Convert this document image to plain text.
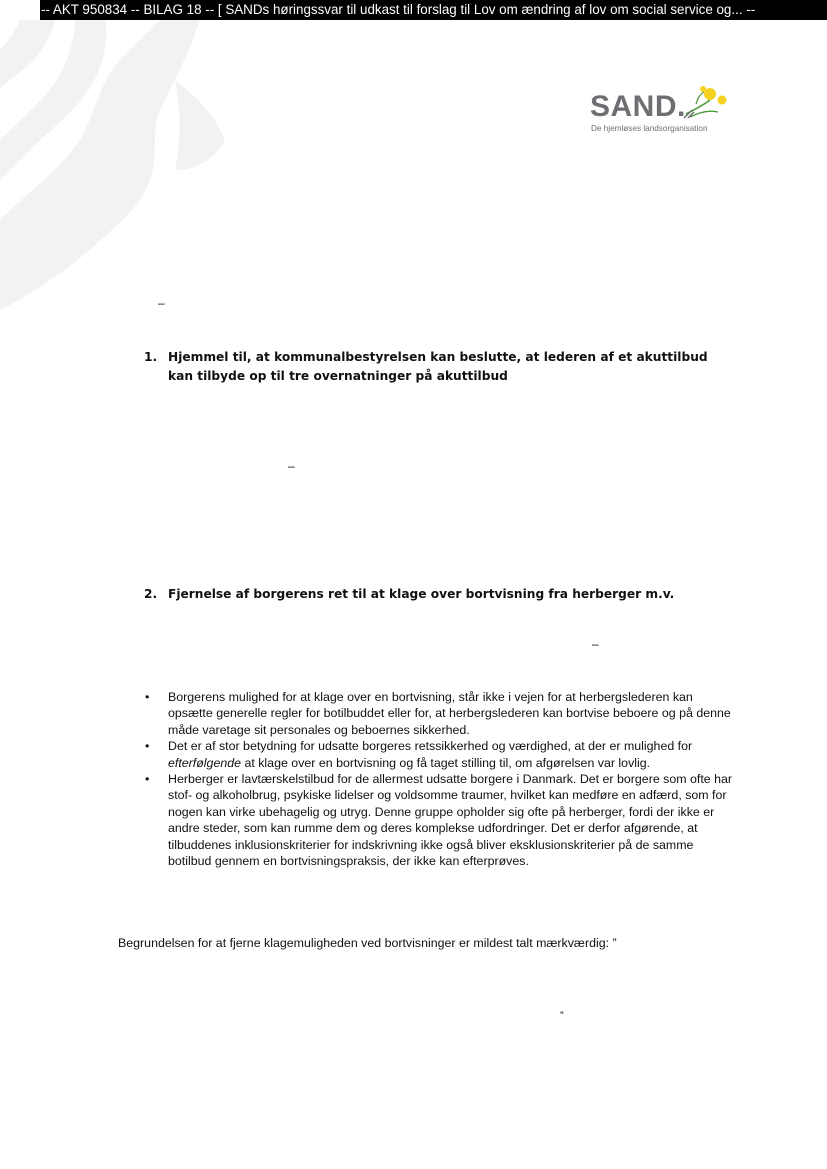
-- AKT 950834 -- BILAG 18 -- [ SANDs høringssvar til udkast til forslag til Lov om ændring af lov om social service og... --
SAND.
De hjemløses landsorganisation
–
1. Hjemmel til, at kommunalbestyrelsen kan beslutte, at lederen af et akuttilbud kan tilbyde op til tre overnatninger på akuttilbud
–
2. Fjernelse af borgerens ret til at klage over bortvisning fra herberger m.v.
–
• Borgerens mulighed for at klage over en bortvisning, står ikke i vejen for at herbergslederen kan opsætte generelle regler for botilbuddet eller for, at herbergslederen kan bortvise beboere og på denne måde varetage sit personales og beboernes sikkerhed.
• Det er af stor betydning for udsatte borgeres retssikkerhed og værdighed, at der er mulighed for efterfølgende at klage over en bortvisning og få taget stilling til, om afgørelsen var lovlig.
• Herberger er lavtærskelstilbud for de allermest udsatte borgere i Danmark. Det er borgere som ofte har stof- og alkoholbrug, psykiske lidelser og voldsomme traumer, hvilket kan medføre en adfærd, som for nogen kan virke ubehagelig og utryg. Denne gruppe opholder sig ofte på herberger, fordi der ikke er andre steder, som kan rumme dem og deres komplekse udfordringer. Det er derfor afgørende, at tilbuddenes inklusionskriterier for indskrivning ikke også bliver eksklusionskriterier på de samme botilbud gennem en bortvisningspraksis, der ikke kan efterprøves.
Begrundelsen for at fjerne klagemuligheden ved bortvisninger er mildest talt mærkværdig: ”
”
